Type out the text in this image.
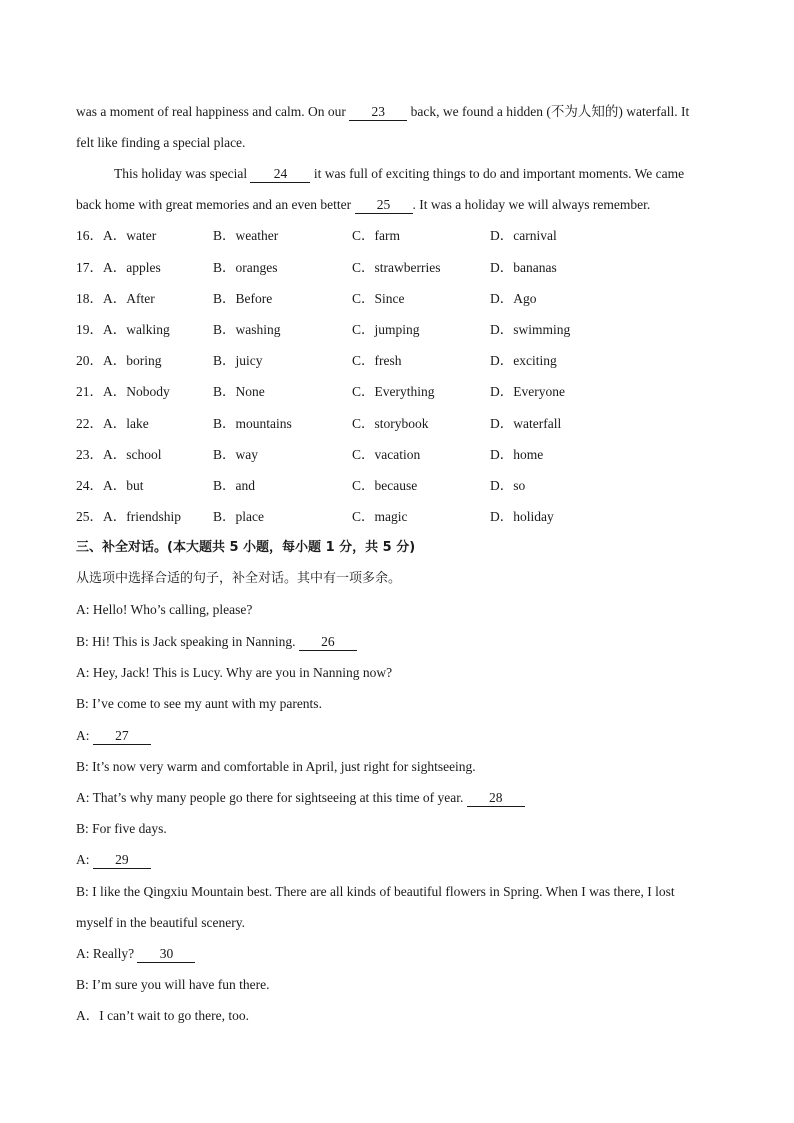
was a moment of real happiness and calm. On our 23 back, we found a hidden (不为人知的) waterfall. It
felt like finding a special place.
This holiday was special 24 it was full of exciting things to do and important moments. We came
back home with great memories and an even better 25 . It was a holiday we will always remember.
16．A．water	B．weather	C．farm	D．carnival
17．A．apples	B．oranges	C．strawberries	D．bananas
18．A．After	B．Before	C．Since	D．Ago
19．A．walking	B．washing	C．jumping	D．swimming
20．A．boring	B．juicy	C．fresh	D．exciting
21．A．Nobody	B．None	C．Everything	D．Everyone
22．A．lake	B．mountains	C．storybook	D．waterfall
23．A．school	B．way	C．vacation	D．home
24．A．but	B．and	C．because	D．so
25．A．friendship B．place	C．magic	D．holiday
三、补全对话。(本大题共 5 小题，每小题 1 分，共 5 分)
从选项中选择合适的句子，补全对话。其中有一项多余。
A: Hello! Who’s calling, please?
B: Hi! This is Jack speaking in Nanning. 26
A: Hey, Jack! This is Lucy. Why are you in Nanning now?
B: I’ve come to see my aunt with my parents.
A: 27
B: It’s now very warm and comfortable in April, just right for sightseeing.
A: That’s why many people go there for sightseeing at this time of year. 28
B: For five days.
A: 29
B: I like the Qingxiu Mountain best. There are all kinds of beautiful flowers in Spring. When I was there, I lost
myself in the beautiful scenery.
A: Really? 30
B: I’m sure you will have fun there.
A．I can’t wait to go there, too.
